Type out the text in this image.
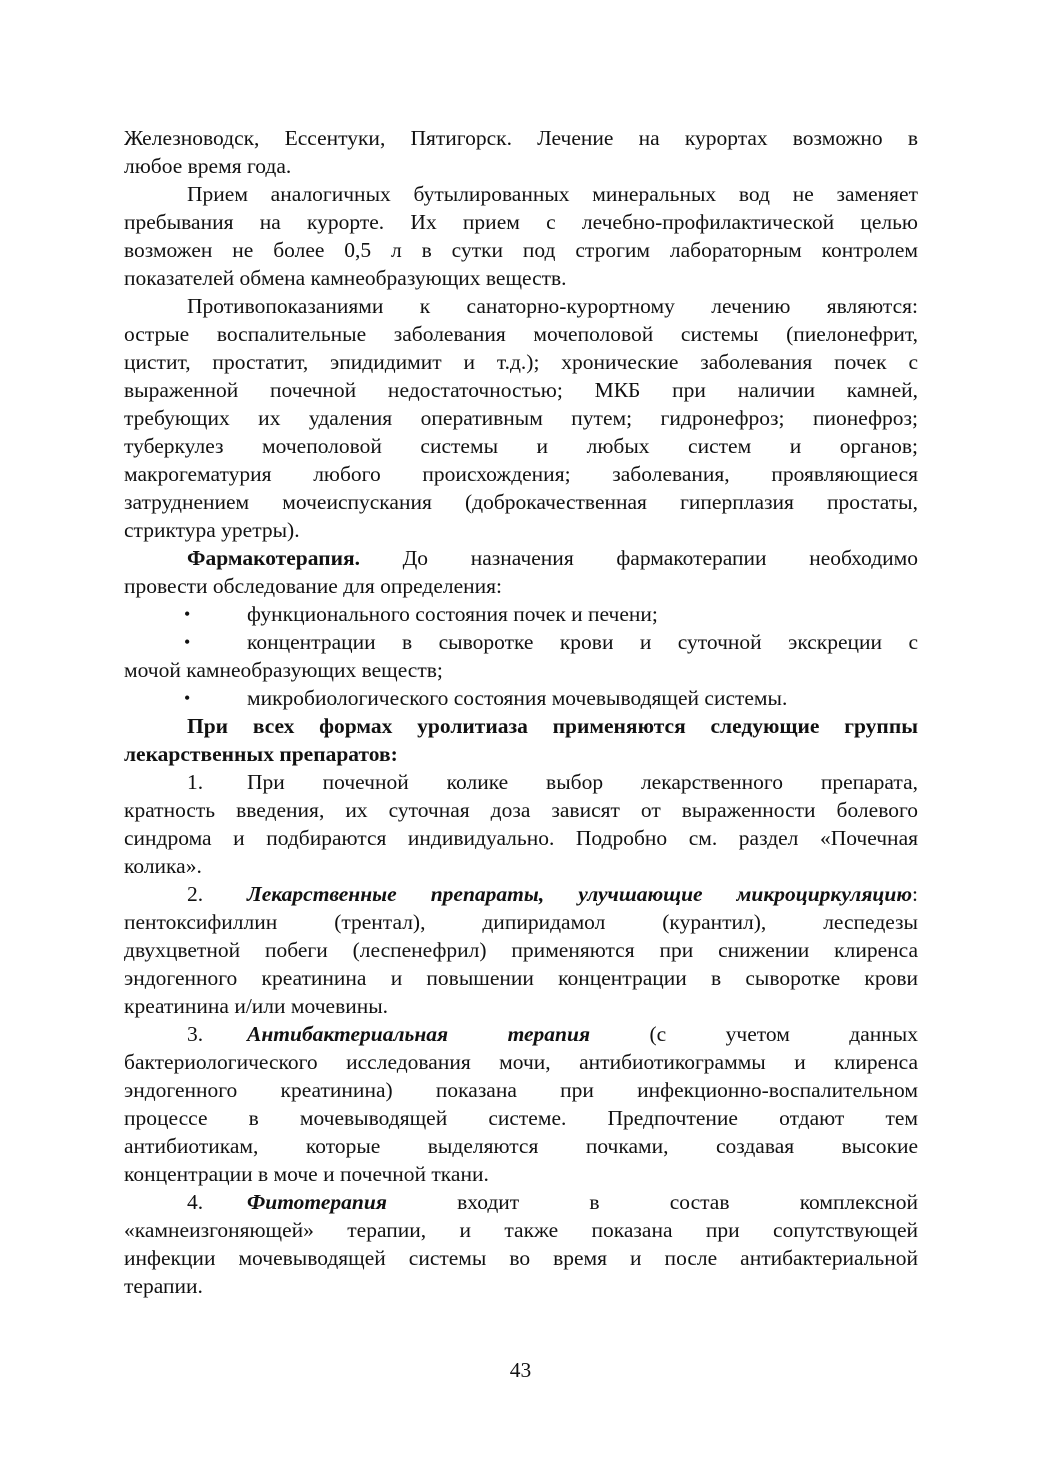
Железноводск, Ессентуки, Пятигорск. Лечение на курортах возможно в
любое время года.
Прием аналогичных бутылированных минеральных вод не заменяет
пребывания на курорте. Их прием с лечебно-профилактической целью
возможен не более 0,5 л в сутки под строгим лабораторным контролем
показателей обмена камнеобразующих веществ.
Противопоказаниями к санаторно-курортному лечению являются:
острые воспалительные заболевания мочеполовой системы (пиелонефрит,
цистит, простатит, эпидидимит и т.д.); хронические заболевания почек с
выраженной почечной недостаточностью; МКБ при наличии камней,
требующих их удаления оперативным путем; гидронефроз; пионефроз;
туберкулез мочеполовой системы и любых систем и органов;
макрогематурия любого происхождения; заболевания, проявляющиеся
затруднением мочеиспускания (доброкачественная гиперплазия простаты,
стриктура уретры).
Фармакотерапия. До назначения фармакотерапии необходимо
провести обследование для определения:
•	функционального состояния почек и печени;
•	концентрации в сыворотке крови и суточной экскреции с
мочой камнеобразующих веществ;
•	микробиологического состояния мочевыводящей системы.
При всех формах уролитиаза применяются следующие группы
лекарственных препаратов:
1.	При почечной колике выбор лекарственного препарата,
кратность введения, их суточная доза зависят от выраженности болевого
синдрома и подбираются индивидуально. Подробно см. раздел «Почечная
колика».
2.	Лекарственные препараты, улучшающие микроциркуляцию:
пентоксифиллин (трентал), дипиридамол (курантил), леспедезы
двухцветной побеги (леспенефрил) применяются при снижении клиренса
эндогенного креатинина и повышении концентрации в сыворотке крови
креатинина и/или мочевины.
3.	Антибактериальная терапия (с учетом данных
бактериологического исследования мочи, антибиотикограммы и клиренса
эндогенного креатинина) показана при инфекционно-воспалительном
процессе в мочевыводящей системе. Предпочтение отдают тем
антибиотикам, которые выделяются почками, создавая высокие
концентрации в моче и почечной ткани.
4.	Фитотерапия входит в состав комплексной
«камнеизгоняющей» терапии, и также показана при сопутствующей
инфекции мочевыводящей системы во время и после антибактериальной
терапии.
43
